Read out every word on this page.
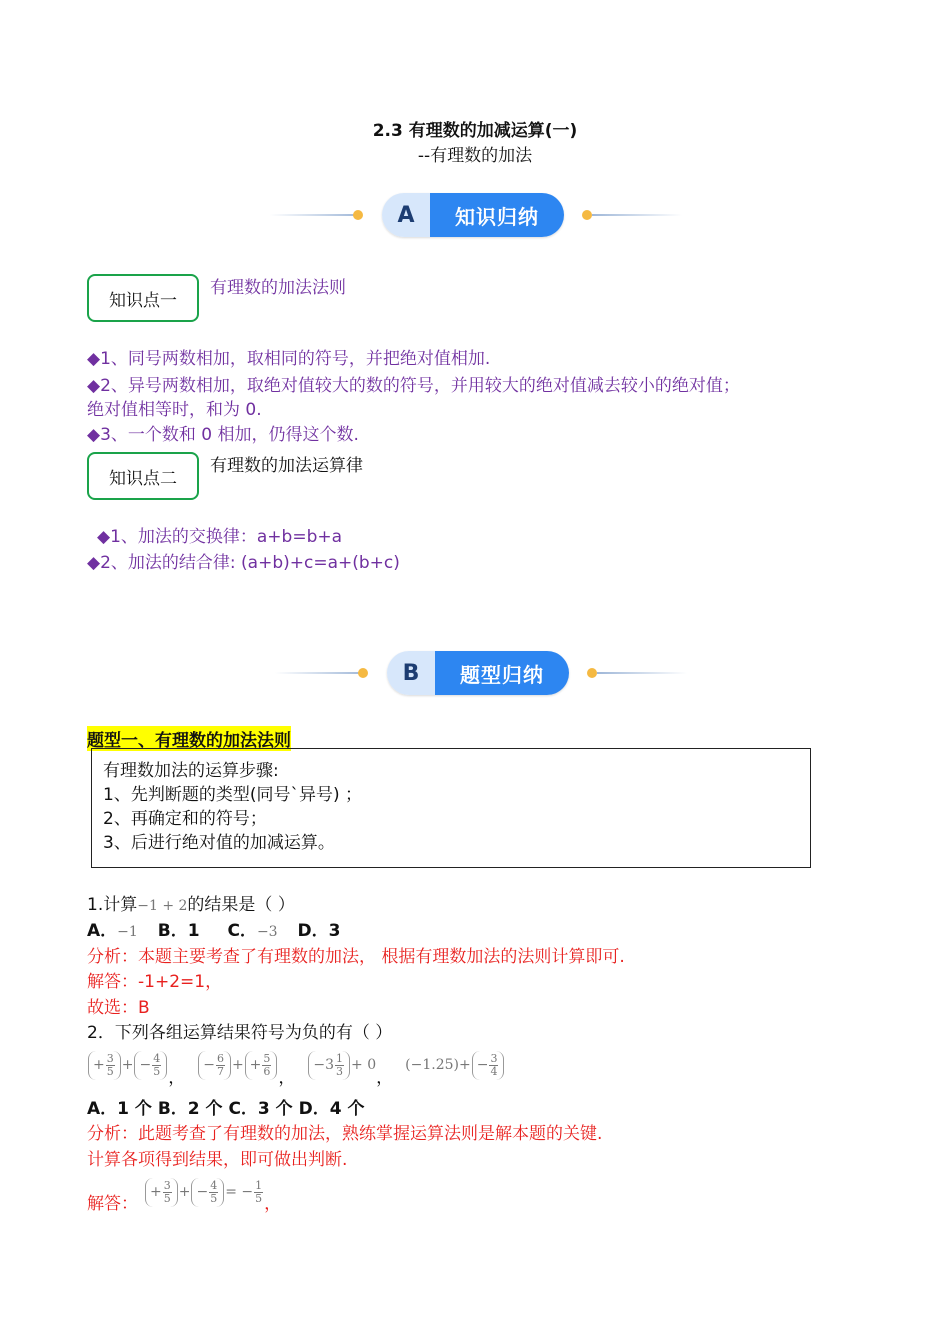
2.3 有理数的加减运算(一)
--有理数的加法
A	知识归纳
知识点一
有理数的加法法则
◆1、同号两数相加，取相同的符号，并把绝对值相加.
◆2、异号两数相加，取绝对值较大的数的符号，并用较大的绝对值减去较小的绝对值；
绝对值相等时，和为 0.
◆3、一个数和 0 相加，仍得这个数.
知识点二
有理数的加法运算律
◆1、加法的交换律：a+b=b+a
◆2、加法的结合律: (a+b)+c=a+(b+c)
B	题型归纳
题型一、有理数的加法法则
有理数加法的运算步骤:
1、先判断题的类型(同号`异号) ；
2、再确定和的符号；
3、后进行绝对值的加减运算。
1.计算−1 + 2的结果是（ ）
A．−1 B．1 C．−3 D．3
分析：本题主要考查了有理数的加法， 根据有理数加法的法则计算即可.
解答：-1+2=1，
故选：B
2．下列各组运算结果符号为负的有（ ）
+ $\frac{3}{5}$ + − $\frac{4}{5}$
，
− $\frac{6}{7}$ + + $\frac{5}{6}$
，
$-3 \frac{1}{3} + 0$
，
(−1.25) + − $\frac{3}{4}$
A．1 个 B．2 个 C．3 个 D．4 个
分析：此题考查了有理数的加法，熟练掌握运算法则是解本题的关键.
计算各项得到结果，即可做出判断.
解答：
+ $\frac{3}{5}$ + − $\frac{4}{5}$ = − $\frac{1}{5}$ ，
